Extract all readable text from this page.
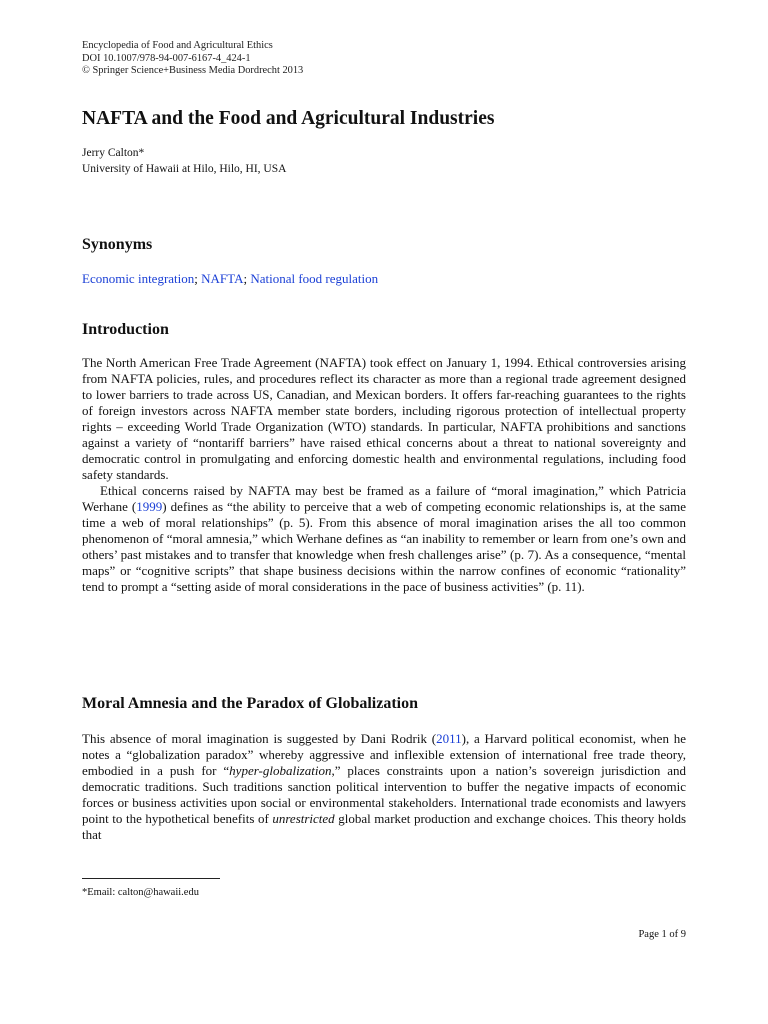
Encyclopedia of Food and Agricultural Ethics
DOI 10.1007/978-94-007-6167-4_424-1
© Springer Science+Business Media Dordrecht 2013
NAFTA and the Food and Agricultural Industries
Jerry Calton*
University of Hawaii at Hilo, Hilo, HI, USA
Synonyms
Economic integration; NAFTA; National food regulation
Introduction

The North American Free Trade Agreement (NAFTA) took effect on January 1, 1994. Ethical controversies arising from NAFTA policies, rules, and procedures reflect its character as more than a regional trade agreement designed to lower barriers to trade across US, Canadian, and Mexican borders. It offers far-reaching guarantees to the rights of foreign investors across NAFTA member state borders, including rigorous protection of intellectual property rights – exceeding World Trade Organization (WTO) standards. In particular, NAFTA prohibitions and sanctions against a variety of “nontariff barriers” have raised ethical concerns about a threat to national sovereignty and democratic control in promulgating and enforcing domestic health and environmental regulations, including food safety standards.

Ethical concerns raised by NAFTA may best be framed as a failure of “moral imagination,” which Patricia Werhane (1999) defines as “the ability to perceive that a web of competing economic relationships is, at the same time a web of moral relationships” (p. 5). From this absence of moral imagination arises the all too common phenomenon of “moral amnesia,” which Werhane defines as “an inability to remember or learn from one’s own and others’ past mistakes and to transfer that knowledge when fresh challenges arise” (p. 7). As a consequence, “mental maps” or “cognitive scripts” that shape business decisions within the narrow confines of economic “rationality” tend to prompt a “setting aside of moral considerations in the pace of business activities” (p. 11).

Moral Amnesia and the Paradox of Globalization

This absence of moral imagination is suggested by Dani Rodrik (2011), a Harvard political economist, when he notes a “globalization paradox” whereby aggressive and inflexible extension of international free trade theory, embodied in a push for “hyper-globalization,” places constraints upon a nation’s sovereign jurisdiction and democratic traditions. Such traditions sanction political intervention to buffer the negative impacts of economic forces or business activities upon social or environmental stakeholders. International trade economists and lawyers point to the hypothetical benefits of unrestricted global market production and exchange choices. This theory holds that

*Email: calton@hawaii.edu
Page 1 of 9
